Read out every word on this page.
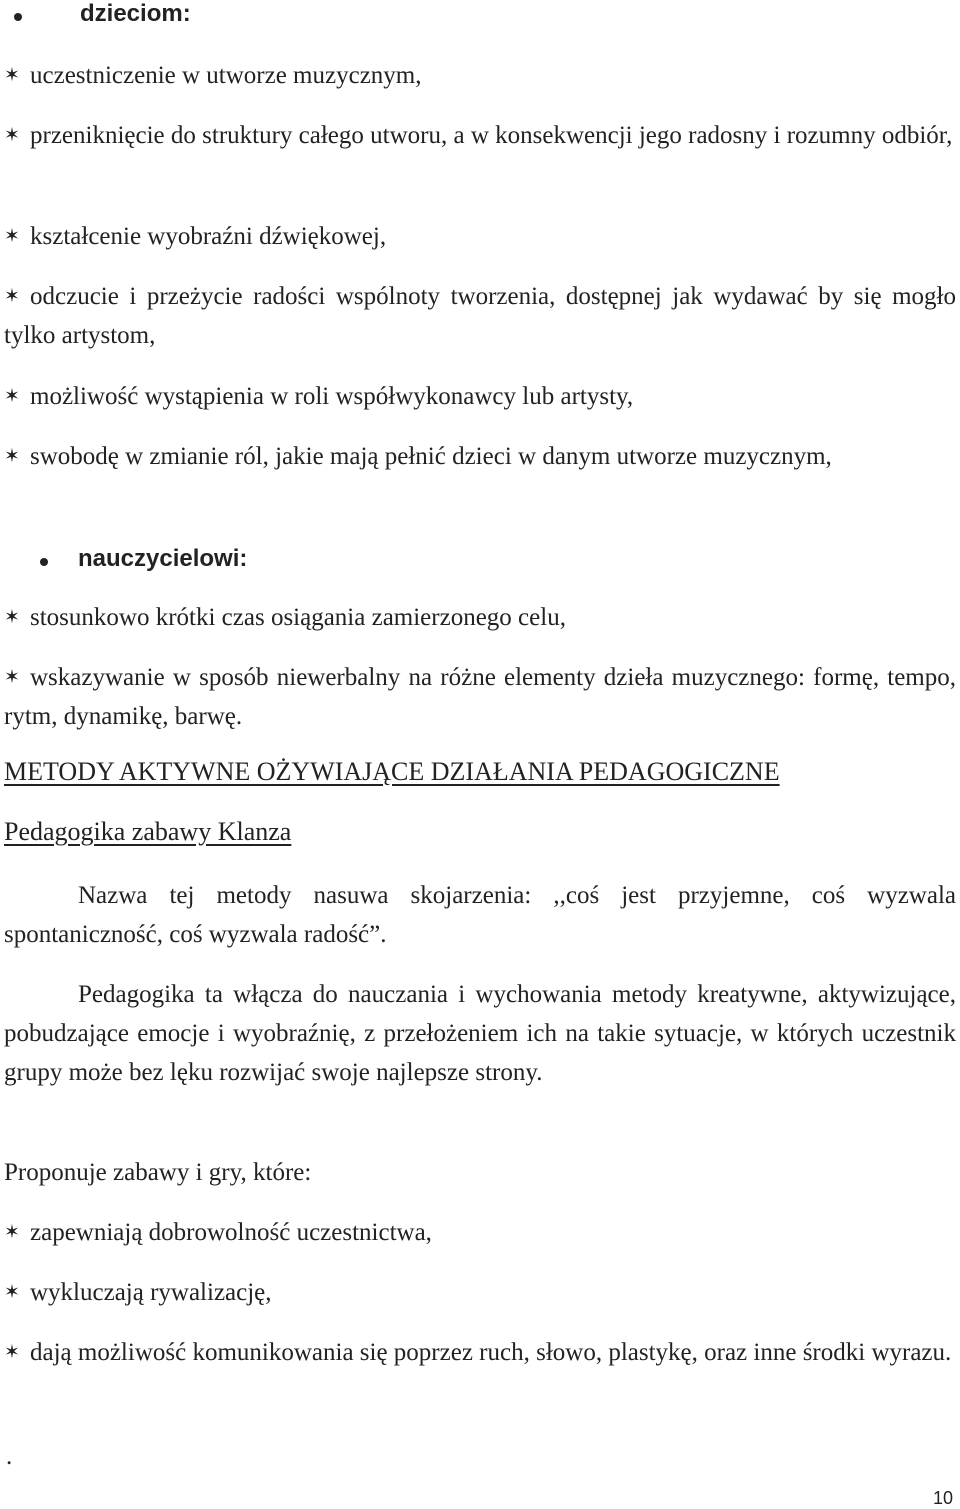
dzieciom:
✶ uczestniczenie w utworze muzycznym,
✶ przeniknięcie do struktury całego utworu, a w konsekwencji jego radosny i rozumny odbiór,
✶ kształcenie wyobraźni dźwiękowej,
✶ odczucie i przeżycie radości wspólnoty tworzenia, dostępnej jak wydawać by się mogło tylko artystom,
✶ możliwość wystąpienia w roli współwykonawcy lub artysty,
✶ swobodę w zmianie ról, jakie mają pełnić dzieci w danym utworze muzycznym,
nauczycielowi:
✶ stosunkowo krótki czas osiągania zamierzonego celu,
✶ wskazywanie w sposób niewerbalny na różne elementy dzieła muzycznego: formę, tempo, rytm, dynamikę, barwę.
METODY AKTYWNE OŻYWIAJĄCE DZIAŁANIA PEDAGOGICZNE
Pedagogika zabawy Klanza
Nazwa tej metody nasuwa skojarzenia: ,,coś jest przyjemne, coś wyzwala spontaniczność, coś wyzwala radość”.
Pedagogika ta włącza do nauczania i wychowania metody kreatywne, aktywizujące, pobudzające emocje i wyobraźnię, z przełożeniem ich na takie sytuacje, w których uczestnik grupy może bez lęku rozwijać swoje najlepsze strony.
Proponuje zabawy i gry, które:
✶ zapewniają dobrowolność uczestnictwa,
✶ wykluczają rywalizację,
✶ dają możliwość komunikowania się poprzez ruch, słowo, plastykę, oraz inne środki wyrazu.
.
10
